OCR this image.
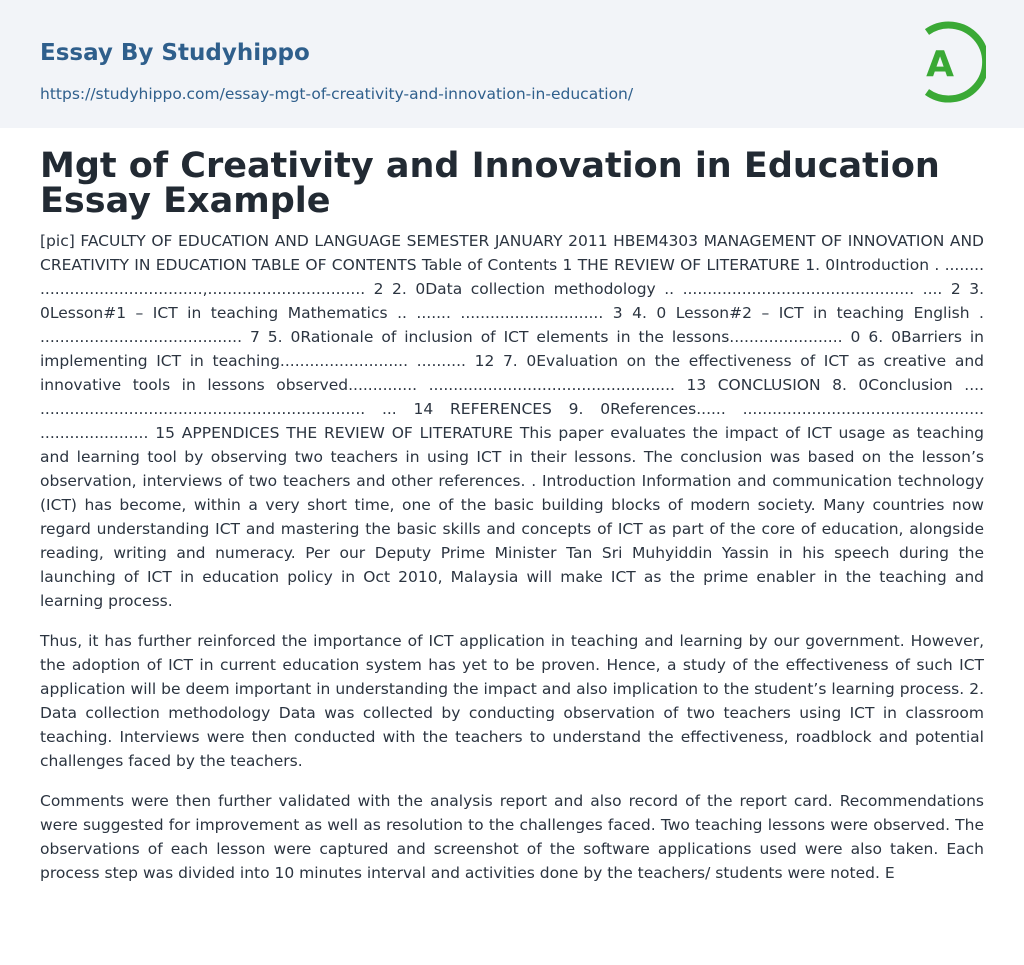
Essay By Studyhippo
https://studyhippo.com/essay-mgt-of-creativity-and-innovation-in-education/
A
Mgt of Creativity and Innovation in Education Essay Example

[pic] FACULTY OF EDUCATION AND LANGUAGE SEMESTER JANUARY 2011 HBEM4303 MANAGEMENT OF INNOVATION AND CREATIVITY IN EDUCATION TABLE OF CONTENTS Table of Contents 1 THE REVIEW OF LITERATURE 1. 0Introduction . ........ .................................,................................ 2 2. 0Data collection methodology .. ............................................... .... 2 3. 0Lesson#1 – ICT in teaching Mathematics .. ....... ............................. 3 4. 0 Lesson#2 – ICT in teaching English . ......................................... 7 5. 0Rationale of inclusion of ICT elements in the lessons....................... 0 6. 0Barriers in implementing ICT in teaching.......................... .......... 12 7. 0Evaluation on the effectiveness of ICT as creative and innovative tools in lessons observed.............. .................................................. 13 CONCLUSION 8. 0Conclusion .... .................................................................. ... 14 REFERENCES 9. 0References...... ................................................. ...................... 15 APPENDICES THE REVIEW OF LITERATURE This paper evaluates the impact of ICT usage as teaching and learning tool by observing two teachers in using ICT in their lessons. The conclusion was based on the lesson’s observation, interviews of two teachers and other references. . Introduction Information and communication technology (ICT) has become, within a very short time, one of the basic building blocks of modern society. Many countries now regard understanding ICT and mastering the basic skills and concepts of ICT as part of the core of education, alongside reading, writing and numeracy. Per our Deputy Prime Minister Tan Sri Muhyiddin Yassin in his speech during the launching of ICT in education policy in Oct 2010, Malaysia will make ICT as the prime enabler in the teaching and learning process.

Thus, it has further reinforced the importance of ICT application in teaching and learning by our government. However, the adoption of ICT in current education system has yet to be proven. Hence, a study of the effectiveness of such ICT application will be deem important in understanding the impact and also implication to the student’s learning process. 2. Data collection methodology Data was collected by conducting observation of two teachers using ICT in classroom teaching. Interviews were then conducted with the teachers to understand the effectiveness, roadblock and potential challenges faced by the teachers.

Comments were then further validated with the analysis report and also record of the report card. Recommendations were suggested for improvement as well as resolution to the challenges faced. Two teaching lessons were observed. The observations of each lesson were captured and screenshot of the software applications used were also taken. Each process step was divided into 10 minutes interval and activities done by the teachers/ students were noted. E
